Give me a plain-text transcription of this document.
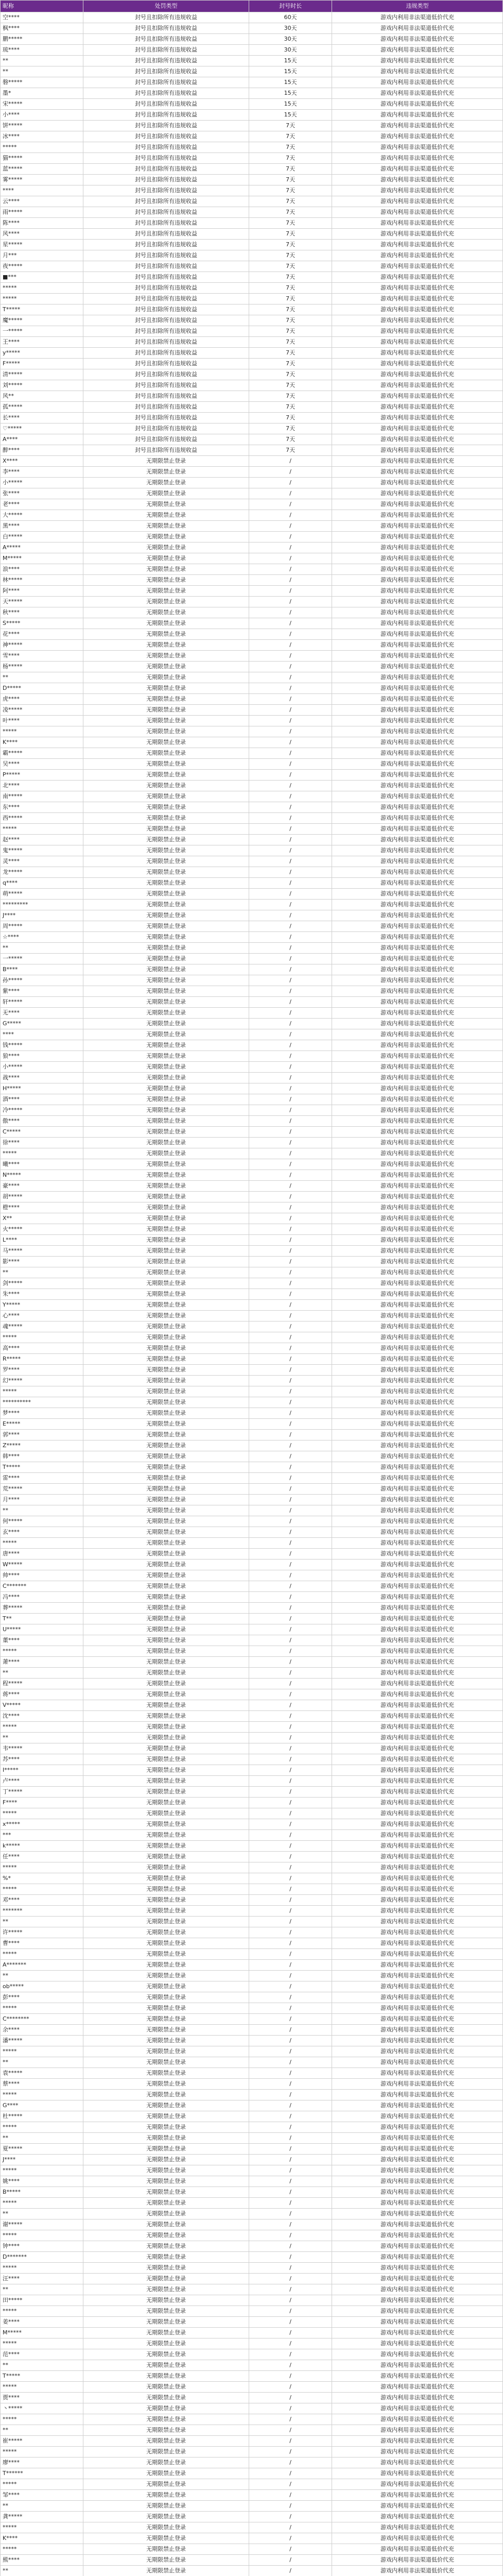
昵称	处罚类型	封号时长	违规类型
空****	封号且扣除所有违规收益	60天	游戏内利用非法渠道低价代充
枫****	封号且扣除所有违规收益	30天	游戏内利用非法渠道低价代充
鹏*****	封号且扣除所有违规收益	30天	游戏内利用非法渠道低价代充
琉****	封号且扣除所有违规收益	30天	游戏内利用非法渠道低价代充
**	封号且扣除所有违规收益	15天	游戏内利用非法渠道低价代充
**	封号且扣除所有违规收益	15天	游戏内利用非法渠道低价代充
磐*****	封号且扣除所有违规收益	15天	游戏内利用非法渠道低价代充
墨*	封号且扣除所有违规收益	15天	游戏内利用非法渠道低价代充
宋*****	封号且扣除所有违规收益	15天	游戏内利用非法渠道低价代充
小****	封号且扣除所有违规收益	15天	游戏内利用非法渠道低价代充
饼*****	封号且扣除所有违规收益	7天	游戏内利用非法渠道低价代充
冰****	封号且扣除所有违规收益	7天	游戏内利用非法渠道低价代充
*****	封号且扣除所有违规收益	7天	游戏内利用非法渠道低价代充
猫*****	封号且扣除所有违规收益	7天	游戏内利用非法渠道低价代充
蓝*****	封号且扣除所有违规收益	7天	游戏内利用非法渠道低价代充
雾*****	封号且扣除所有违规收益	7天	游戏内利用非法渠道低价代充
****	封号且扣除所有违规收益	7天	游戏内利用非法渠道低价代充
云****	封号且扣除所有违规收益	7天	游戏内利用非法渠道低价代充
雨*****	封号且扣除所有违规收益	7天	游戏内利用非法渠道低价代充
陈****	封号且扣除所有违规收益	7天	游戏内利用非法渠道低价代充
风****	封号且扣除所有违规收益	7天	游戏内利用非法渠道低价代充
星*****	封号且扣除所有违规收益	7天	游戏内利用非法渠道低价代充
月***	封号且扣除所有违规收益	7天	游戏内利用非法渠道低价代充
夜*****	封号且扣除所有违规收益	7天	游戏内利用非法渠道低价代充
■***	封号且扣除所有违规收益	7天	游戏内利用非法渠道低价代充
*****	封号且扣除所有违规收益	7天	游戏内利用非法渠道低价代充
*****	封号且扣除所有违规收益	7天	游戏内利用非法渠道低价代充
T*****	封号且扣除所有违规收益	7天	游戏内利用非法渠道低价代充
魔*****	封号且扣除所有违规收益	7天	游戏内利用非法渠道低价代充
一*****	封号且扣除所有违规收益	7天	游戏内利用非法渠道低价代充
王****	封号且扣除所有违规收益	7天	游戏内利用非法渠道低价代充
y*****	封号且扣除所有违规收益	7天	游戏内利用非法渠道低价代充
F*****	封号且扣除所有违规收益	7天	游戏内利用非法渠道低价代充
清*****	封号且扣除所有违规收益	7天	游戏内利用非法渠道低价代充
刘*****	封号且扣除所有违规收益	7天	游戏内利用非法渠道低价代充
风**	封号且扣除所有违规收益	7天	游戏内利用非法渠道低价代充
孤*****	封号且扣除所有违规收益	7天	游戏内利用非法渠道低价代充
长****	封号且扣除所有违规收益	7天	游戏内利用非法渠道低价代充
♡*****	封号且扣除所有违规收益	7天	游戏内利用非法渠道低价代充
A****	封号且扣除所有违规收益	7天	游戏内利用非法渠道低价代充
醉****	封号且扣除所有违规收益	7天	游戏内利用非法渠道低价代充
X****	无期限禁止登录	/	游戏内利用非法渠道低价代充
李****	无期限禁止登录	/	游戏内利用非法渠道低价代充
小*****	无期限禁止登录	/	游戏内利用非法渠道低价代充
张****	无期限禁止登录	/	游戏内利用非法渠道低价代充
老****	无期限禁止登录	/	游戏内利用非法渠道低价代充
大*****	无期限禁止登录	/	游戏内利用非法渠道低价代充
黑****	无期限禁止登录	/	游戏内利用非法渠道低价代充
白*****	无期限禁止登录	/	游戏内利用非法渠道低价代充
A*****	无期限禁止登录	/	游戏内利用非法渠道低价代充
M*****	无期限禁止登录	/	游戏内利用非法渠道低价代充
浪****	无期限禁止登录	/	游戏内利用非法渠道低价代充
林*****	无期限禁止登录	/	游戏内利用非法渠道低价代充
阿****	无期限禁止登录	/	游戏内利用非法渠道低价代充
天*****	无期限禁止登录	/	游戏内利用非法渠道低价代充
秋****	无期限禁止登录	/	游戏内利用非法渠道低价代充
S*****	无期限禁止登录	/	游戏内利用非法渠道低价代充
花****	无期限禁止登录	/	游戏内利用非法渠道低价代充
神*****	无期限禁止登录	/	游戏内利用非法渠道低价代充
雪****	无期限禁止登录	/	游戏内利用非法渠道低价代充
杨*****	无期限禁止登录	/	游戏内利用非法渠道低价代充
**	无期限禁止登录	/	游戏内利用非法渠道低价代充
D*****	无期限禁止登录	/	游戏内利用非法渠道低价代充
虎****	无期限禁止登录	/	游戏内利用非法渠道低价代充
凌*****	无期限禁止登录	/	游戏内利用非法渠道低价代充
叶****	无期限禁止登录	/	游戏内利用非法渠道低价代充
*****	无期限禁止登录	/	游戏内利用非法渠道低价代充
K****	无期限禁止登录	/	游戏内利用非法渠道低价代充
霸*****	无期限禁止登录	/	游戏内利用非法渠道低价代充
吴****	无期限禁止登录	/	游戏内利用非法渠道低价代充
P*****	无期限禁止登录	/	游戏内利用非法渠道低价代充
北****	无期限禁止登录	/	游戏内利用非法渠道低价代充
南*****	无期限禁止登录	/	游戏内利用非法渠道低价代充
东****	无期限禁止登录	/	游戏内利用非法渠道低价代充
西*****	无期限禁止登录	/	游戏内利用非法渠道低价代充
*****	无期限禁止登录	/	游戏内利用非法渠道低价代充
赵****	无期限禁止登录	/	游戏内利用非法渠道低价代充
鬼*****	无期限禁止登录	/	游戏内利用非法渠道低价代充
灵****	无期限禁止登录	/	游戏内利用非法渠道低价代充
龙*****	无期限禁止登录	/	游戏内利用非法渠道低价代充
q****	无期限禁止登录	/	游戏内利用非法渠道低价代充
萌*****	无期限禁止登录	/	游戏内利用非法渠道低价代充
*********	无期限禁止登录	/	游戏内利用非法渠道低价代充
J****	无期限禁止登录	/	游戏内利用非法渠道低价代充
周*****	无期限禁止登录	/	游戏内利用非法渠道低价代充
☆****	无期限禁止登录	/	游戏内利用非法渠道低价代充
**	无期限禁止登录	/	游戏内利用非法渠道低价代充
一*****	无期限禁止登录	/	游戏内利用非法渠道低价代充
B****	无期限禁止登录	/	游戏内利用非法渠道低价代充
孙*****	无期限禁止登录	/	游戏内利用非法渠道低价代充
紫****	无期限禁止登录	/	游戏内利用非法渠道低价代充
轩*****	无期限禁止登录	/	游戏内利用非法渠道低价代充
无****	无期限禁止登录	/	游戏内利用非法渠道低价代充
G*****	无期限禁止登录	/	游戏内利用非法渠道低价代充
****	无期限禁止登录	/	游戏内利用非法渠道低价代充
钱*****	无期限禁止登录	/	游戏内利用非法渠道低价代充
狼****	无期限禁止登录	/	游戏内利用非法渠道低价代充
小*****	无期限禁止登录	/	游戏内利用非法渠道低价代充
战****	无期限禁止登录	/	游戏内利用非法渠道低价代充
H*****	无期限禁止登录	/	游戏内利用非法渠道低价代充
酒****	无期限禁止登录	/	游戏内利用非法渠道低价代充
冷*****	无期限禁止登录	/	游戏内利用非法渠道低价代充
傲****	无期限禁止登录	/	游戏内利用非法渠道低价代充
C*****	无期限禁止登录	/	游戏内利用非法渠道低价代充
徐****	无期限禁止登录	/	游戏内利用非法渠道低价代充
*****	无期限禁止登录	/	游戏内利用非法渠道低价代充
曦****	无期限禁止登录	/	游戏内利用非法渠道低价代充
N*****	无期限禁止登录	/	游戏内利用非法渠道低价代充
豪****	无期限禁止登录	/	游戏内利用非法渠道低价代充
胡*****	无期限禁止登录	/	游戏内利用非法渠道低价代充
橙****	无期限禁止登录	/	游戏内利用非法渠道低价代充
X**	无期限禁止登录	/	游戏内利用非法渠道低价代充
火*****	无期限禁止登录	/	游戏内利用非法渠道低价代充
L****	无期限禁止登录	/	游戏内利用非法渠道低价代充
马*****	无期限禁止登录	/	游戏内利用非法渠道低价代充
影****	无期限禁止登录	/	游戏内利用非法渠道低价代充
**	无期限禁止登录	/	游戏内利用非法渠道低价代充
剑*****	无期限禁止登录	/	游戏内利用非法渠道低价代充
朱****	无期限禁止登录	/	游戏内利用非法渠道低价代充
Y*****	无期限禁止登录	/	游戏内利用非法渠道低价代充
心****	无期限禁止登录	/	游戏内利用非法渠道低价代充
魂*****	无期限禁止登录	/	游戏内利用非法渠道低价代充
*****	无期限禁止登录	/	游戏内利用非法渠道低价代充
高****	无期限禁止登录	/	游戏内利用非法渠道低价代充
R*****	无期限禁止登录	/	游戏内利用非法渠道低价代充
罗****	无期限禁止登录	/	游戏内利用非法渠道低价代充
幻*****	无期限禁止登录	/	游戏内利用非法渠道低价代充
*****	无期限禁止登录	/	游戏内利用非法渠道低价代充
**********	无期限禁止登录	/	游戏内利用非法渠道低价代充
梦****	无期限禁止登录	/	游戏内利用非法渠道低价代充
E*****	无期限禁止登录	/	游戏内利用非法渠道低价代充
郭****	无期限禁止登录	/	游戏内利用非法渠道低价代充
Z*****	无期限禁止登录	/	游戏内利用非法渠道低价代充
韩****	无期限禁止登录	/	游戏内利用非法渠道低价代充
T*****	无期限禁止登录	/	游戏内利用非法渠道低价代充
雷****	无期限禁止登录	/	游戏内利用非法渠道低价代充
荒*****	无期限禁止登录	/	游戏内利用非法渠道低价代充
月****	无期限禁止登录	/	游戏内利用非法渠道低价代充
**	无期限禁止登录	/	游戏内利用非法渠道低价代充
何*****	无期限禁止登录	/	游戏内利用非法渠道低价代充
玄****	无期限禁止登录	/	游戏内利用非法渠道低价代充
*****	无期限禁止登录	/	游戏内利用非法渠道低价代充
唐****	无期限禁止登录	/	游戏内利用非法渠道低价代充
W*****	无期限禁止登录	/	游戏内利用非法渠道低价代充
帅****	无期限禁止登录	/	游戏内利用非法渠道低价代充
C*******	无期限禁止登录	/	游戏内利用非法渠道低价代充
冯****	无期限禁止登录	/	游戏内利用非法渠道低价代充
葬*****	无期限禁止登录	/	游戏内利用非法渠道低价代充
T**	无期限禁止登录	/	游戏内利用非法渠道低价代充
U*****	无期限禁止登录	/	游戏内利用非法渠道低价代充
董****	无期限禁止登录	/	游戏内利用非法渠道低价代充
*****	无期限禁止登录	/	游戏内利用非法渠道低价代充
萧****	无期限禁止登录	/	游戏内利用非法渠道低价代充
**	无期限禁止登录	/	游戏内利用非法渠道低价代充
程*****	无期限禁止登录	/	游戏内利用非法渠道低价代充
蒋****	无期限禁止登录	/	游戏内利用非法渠道低价代充
V*****	无期限禁止登录	/	游戏内利用非法渠道低价代充
沈****	无期限禁止登录	/	游戏内利用非法渠道低价代充
*****	无期限禁止登录	/	游戏内利用非法渠道低价代充
**	无期限禁止登录	/	游戏内利用非法渠道低价代充
韦*****	无期限禁止登录	/	游戏内利用非法渠道低价代充
苏****	无期限禁止登录	/	游戏内利用非法渠道低价代充
I*****	无期限禁止登录	/	游戏内利用非法渠道低价代充
卢****	无期限禁止登录	/	游戏内利用非法渠道低价代充
丁*****	无期限禁止登录	/	游戏内利用非法渠道低价代充
F****	无期限禁止登录	/	游戏内利用非法渠道低价代充
*****	无期限禁止登录	/	游戏内利用非法渠道低价代充
x*****	无期限禁止登录	/	游戏内利用非法渠道低价代充
***	无期限禁止登录	/	游戏内利用非法渠道低价代充
k*****	无期限禁止登录	/	游戏内利用非法渠道低价代充
任****	无期限禁止登录	/	游戏内利用非法渠道低价代充
*****	无期限禁止登录	/	游戏内利用非法渠道低价代充
%*	无期限禁止登录	/	游戏内利用非法渠道低价代充
*****	无期限禁止登录	/	游戏内利用非法渠道低价代充
邓****	无期限禁止登录	/	游戏内利用非法渠道低价代充
*******	无期限禁止登录	/	游戏内利用非法渠道低价代充
**	无期限禁止登录	/	游戏内利用非法渠道低价代充
许*****	无期限禁止登录	/	游戏内利用非法渠道低价代充
曹****	无期限禁止登录	/	游戏内利用非法渠道低价代充
*****	无期限禁止登录	/	游戏内利用非法渠道低价代充
A*******	无期限禁止登录	/	游戏内利用非法渠道低价代充
**	无期限禁止登录	/	游戏内利用非法渠道低价代充
ob*****	无期限禁止登录	/	游戏内利用非法渠道低价代充
彭****	无期限禁止登录	/	游戏内利用非法渠道低价代充
*****	无期限禁止登录	/	游戏内利用非法渠道低价代充
C********	无期限禁止登录	/	游戏内利用非法渠道低价代充
余****	无期限禁止登录	/	游戏内利用非法渠道低价代充
潘*****	无期限禁止登录	/	游戏内利用非法渠道低价代充
*****	无期限禁止登录	/	游戏内利用非法渠道低价代充
**	无期限禁止登录	/	游戏内利用非法渠道低价代充
袁*****	无期限禁止登录	/	游戏内利用非法渠道低价代充
蔡****	无期限禁止登录	/	游戏内利用非法渠道低价代充
*****	无期限禁止登录	/	游戏内利用非法渠道低价代充
G****	无期限禁止登录	/	游戏内利用非法渠道低价代充
杜*****	无期限禁止登录	/	游戏内利用非法渠道低价代充
*****	无期限禁止登录	/	游戏内利用非法渠道低价代充
**	无期限禁止登录	/	游戏内利用非法渠道低价代充
夏*****	无期限禁止登录	/	游戏内利用非法渠道低价代充
J****	无期限禁止登录	/	游戏内利用非法渠道低价代充
*****	无期限禁止登录	/	游戏内利用非法渠道低价代充
姚****	无期限禁止登录	/	游戏内利用非法渠道低价代充
B*****	无期限禁止登录	/	游戏内利用非法渠道低价代充
*****	无期限禁止登录	/	游戏内利用非法渠道低价代充
**	无期限禁止登录	/	游戏内利用非法渠道低价代充
谢*****	无期限禁止登录	/	游戏内利用非法渠道低价代充
*****	无期限禁止登录	/	游戏内利用非法渠道低价代充
钟****	无期限禁止登录	/	游戏内利用非法渠道低价代充
D*******	无期限禁止登录	/	游戏内利用非法渠道低价代充
*****	无期限禁止登录	/	游戏内利用非法渠道低价代充
汪****	无期限禁止登录	/	游戏内利用非法渠道低价代充
**	无期限禁止登录	/	游戏内利用非法渠道低价代充
田*****	无期限禁止登录	/	游戏内利用非法渠道低价代充
*****	无期限禁止登录	/	游戏内利用非法渠道低价代充
姜****	无期限禁止登录	/	游戏内利用非法渠道低价代充
M*****	无期限禁止登录	/	游戏内利用非法渠道低价代充
*****	无期限禁止登录	/	游戏内利用非法渠道低价代充
范****	无期限禁止登录	/	游戏内利用非法渠道低价代充
**	无期限禁止登录	/	游戏内利用非法渠道低价代充
T*****	无期限禁止登录	/	游戏内利用非法渠道低价代充
*****	无期限禁止登录	/	游戏内利用非法渠道低价代充
贾****	无期限禁止登录	/	游戏内利用非法渠道低价代充
丶*****	无期限禁止登录	/	游戏内利用非法渠道低价代充
*****	无期限禁止登录	/	游戏内利用非法渠道低价代充
**	无期限禁止登录	/	游戏内利用非法渠道低价代充
崔*****	无期限禁止登录	/	游戏内利用非法渠道低价代充
*****	无期限禁止登录	/	游戏内利用非法渠道低价代充
廖****	无期限禁止登录	/	游戏内利用非法渠道低价代充
T******	无期限禁止登录	/	游戏内利用非法渠道低价代充
*****	无期限禁止登录	/	游戏内利用非法渠道低价代充
邹****	无期限禁止登录	/	游戏内利用非法渠道低价代充
**	无期限禁止登录	/	游戏内利用非法渠道低价代充
龚*****	无期限禁止登录	/	游戏内利用非法渠道低价代充
*****	无期限禁止登录	/	游戏内利用非法渠道低价代充
K****	无期限禁止登录	/	游戏内利用非法渠道低价代充
*****	无期限禁止登录	/	游戏内利用非法渠道低价代充
熊****	无期限禁止登录	/	游戏内利用非法渠道低价代充
**	无期限禁止登录	/	游戏内利用非法渠道低价代充
